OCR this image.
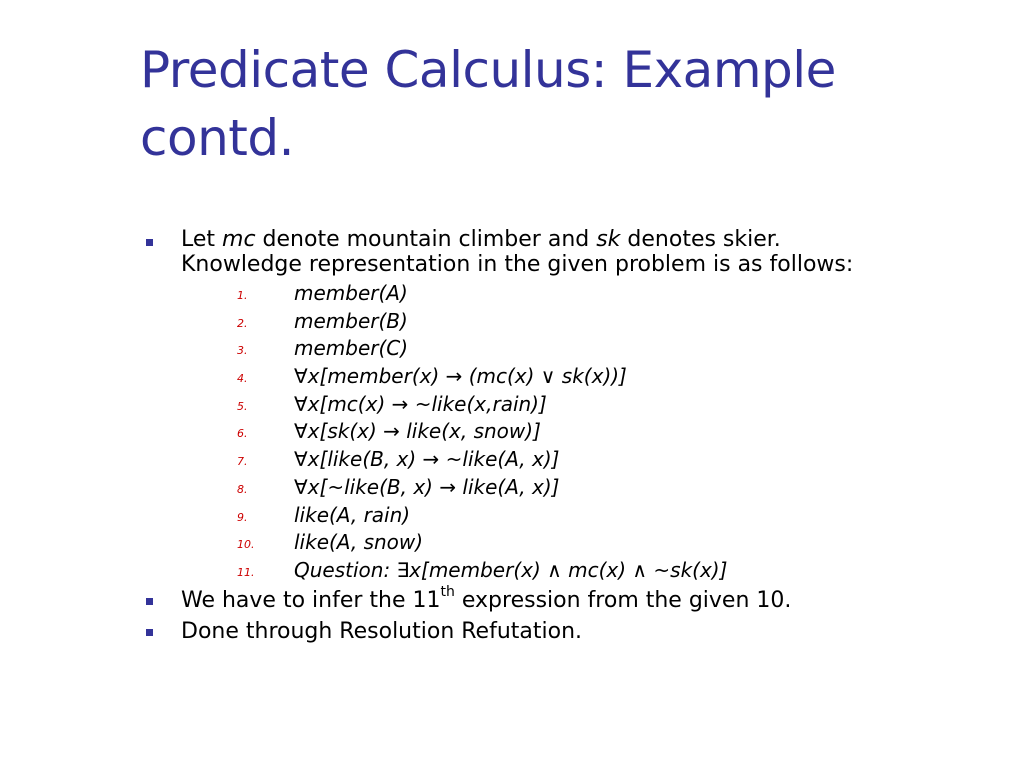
Predicate Calculus: Example
contd.
Let mc denote mountain climber and sk denotes skier.
Knowledge representation in the given problem is as follows:
1. member(A)
2. member(B)
3. member(C)
4. ∀x[member(x) → (mc(x) ∨ sk(x))]
5. ∀x[mc(x) → ~like(x,rain)]
6. ∀x[sk(x) → like(x, snow)]
7. ∀x[like(B, x) → ~like(A, x)]
8. ∀x[~like(B, x) → like(A, x)]
9. like(A, rain)
10. like(A, snow)
11. Question: ∃x[member(x) ∧ mc(x) ∧ ~sk(x)]
We have to infer the 11th expression from the given 10.
Done through Resolution Refutation.
